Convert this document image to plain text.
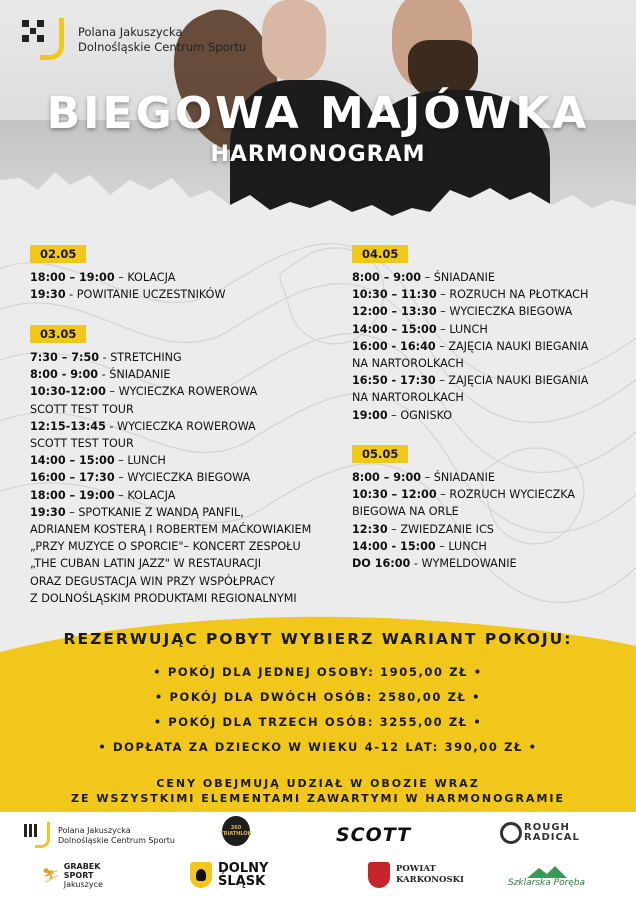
Polana Jakuszycka
Dolnośląskie Centrum Sportu
BIEGOWA MAJÓWKA
HARMONOGRAM
02.05
18:00 – 19:00 – KOLACJA
19:30 - POWITANIE UCZESTNIKÓW
03.05
7:30 – 7:50 - STRETCHING
8:00 - 9:00 - ŚNIADANIE
10:30-12:00 – WYCIECZKA ROWEROWA
SCOTT TEST TOUR
12:15-13:45 - WYCIECZKA ROWEROWA
SCOTT TEST TOUR
14:00 – 15:00 – LUNCH
16:00 – 17:30 – WYCIECZKA BIEGOWA
18:00 – 19:00 – KOLACJA
19:30 – SPOTKANIE Z WANDĄ PANFIL,
ADRIANEM KOSTERĄ I ROBERTEM MAĆKOWIAKIEM
„PRZY MUZYCE O SPORCIE"– KONCERT ZESPOŁU
„THE CUBAN LATIN JAZZ" W RESTAURACJI
ORAZ DEGUSTACJA WIN PRZY WSPÓŁPRACY
Z DOLNOŚLĄSKIM PRODUKTAMI REGIONALNYMI
04.05
8:00 – 9:00 – ŚNIADANIE
10:30 – 11:30 – ROZRUCH NA PŁOTKACH
12:00 – 13:30 – WYCIECZKA BIEGOWA
14:00 – 15:00 – LUNCH
16:00 - 16:40 – ZAJĘCIA NAUKI BIEGANIA
NA NARTOROLKACH
16:50 - 17:30 – ZAJĘCIA NAUKI BIEGANIA
NA NARTOROLKACH
19:00 – OGNISKO
05.05
8:00 – 9:00 – ŚNIADANIE
10:30 – 12:00 – ROZRUCH WYCIECZKA
BIEGOWA NA ORLE
12:30 – ZWIEDZANIE ICS
14:00 - 15:00 – LUNCH
DO 16:00 - WYMELDOWANIE
REZERWUJĄC POBYT WYBIERZ WARIANT POKOJU:
• POKÓJ DLA JEDNEJ OSOBY: 1905,00 ZŁ •
• POKÓJ DLA DWÓCH OSÓB: 2580,00 ZŁ •
• POKÓJ DLA TRZECH OSÓB: 3255,00 ZŁ •
• DOPŁATA ZA DZIECKO W WIEKU 4-12 LAT: 390,00 ZŁ •
CENY OBEJMUJĄ UDZIAŁ W OBOZIE WRAZ
ZE WSZYSTKIMI ELEMENTAMI ZAWARTYMI W HARMONOGRAMIE
Polana Jakuszycka
Dolnośląskie Centrum Sportu
360 TRIATHLON	SCOTT	ROUGH
RADICAL
⛷
GRABEK
SPORT
Jakuszyce
DOLNY
ŚLĄSK
POWIAT
KARKONOSKI	Szklarska Poręba
